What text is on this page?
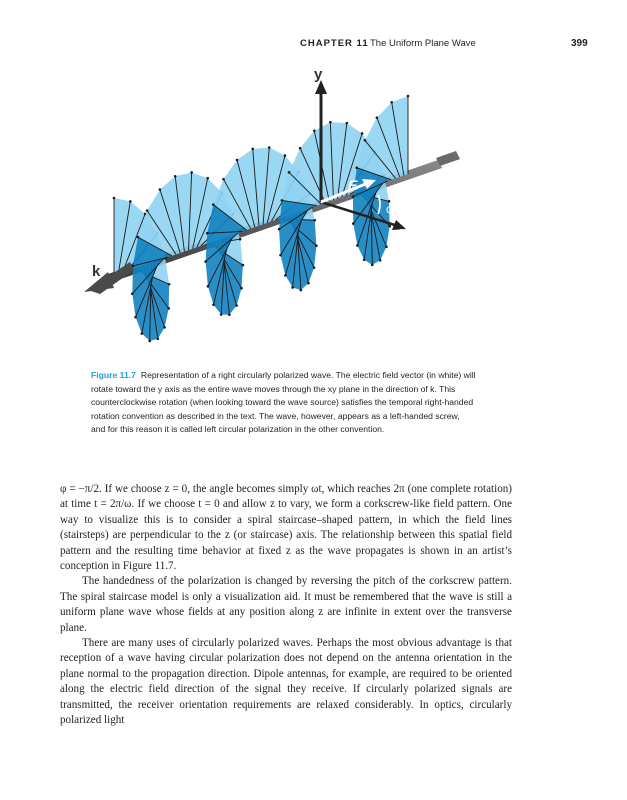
CHAPTER 11 The Uniform Plane Wave	399
k
y
x
E
ωt
Figure 11.7 Representation of a right circularly polarized wave. The electric field vector (in white) will rotate toward the y axis as the entire wave moves through the xy plane in the direction of k. This counterclockwise rotation (when looking toward the wave source) satisfies the temporal right-handed rotation convention as described in the text. The wave, however, appears as a left-handed screw, and for this reason it is called left circular polarization in the other convention.

φ = −π/2. If we choose z = 0, the angle becomes simply ωt, which reaches 2π (one complete rotation) at time t = 2π/ω. If we choose t = 0 and allow z to vary, we form a corkscrew-like field pattern. One way to visualize this is to consider a spiral staircase–shaped pattern, in which the field lines (stairsteps) are perpendicular to the z (or staircase) axis. The relationship between this spatial field pattern and the resulting time behavior at fixed z as the wave propagates is shown in an artist’s conception in Figure 11.7.

The handedness of the polarization is changed by reversing the pitch of the corkscrew pattern. The spiral staircase model is only a visualization aid. It must be remembered that the wave is still a uniform plane wave whose fields at any position along z are infinite in extent over the transverse plane.

There are many uses of circularly polarized waves. Perhaps the most obvious advantage is that reception of a wave having circular polarization does not depend on the antenna orientation in the plane normal to the propagation direction. Dipole antennas, for example, are required to be oriented along the electric field direction of the signal they receive. If circularly polarized signals are transmitted, the receiver orientation requirements are relaxed considerably. In optics, circularly polarized light
